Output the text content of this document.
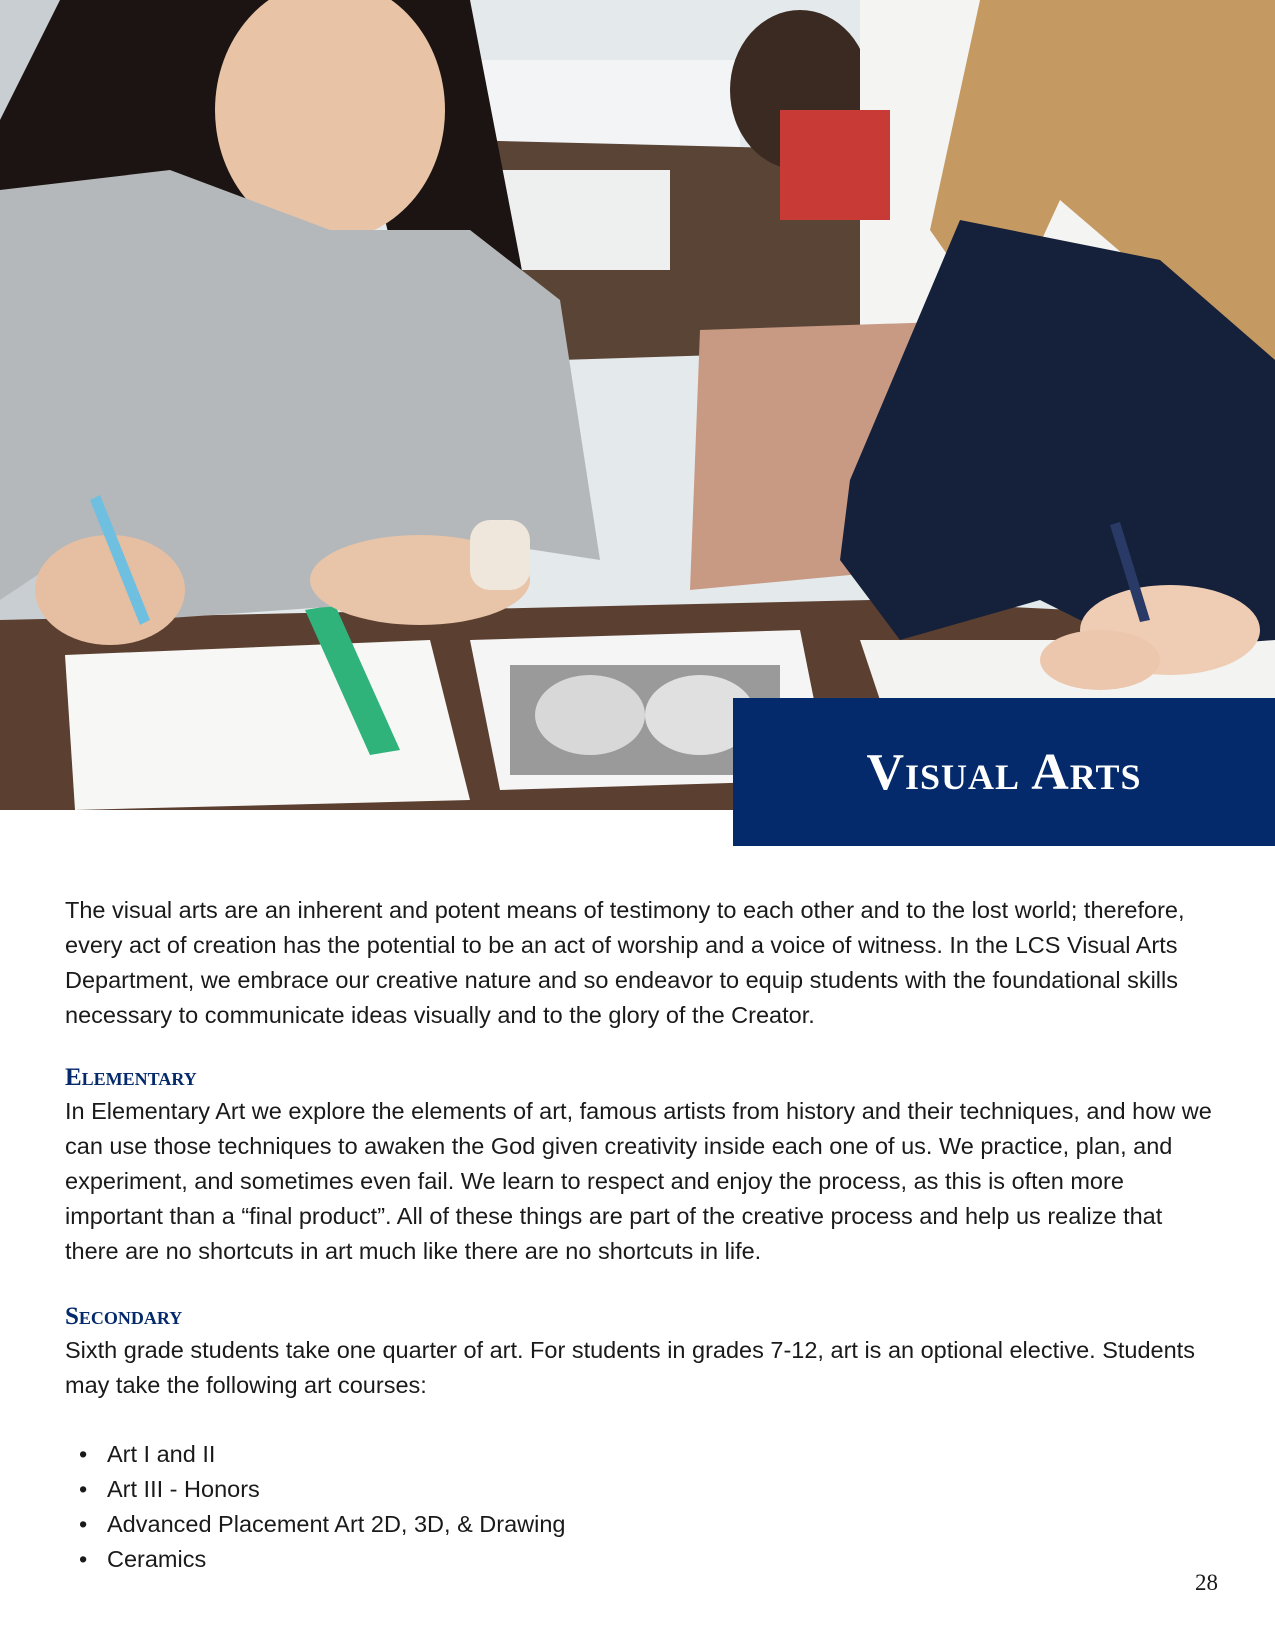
Visual Arts

The visual arts are an inherent and potent means of testimony to each other and to the lost world; therefore, every act of creation has the potential to be an act of worship and a voice of witness. In the LCS Visual Arts Department, we embrace our creative nature and so endeavor to equip students with the foundational skills necessary to communicate ideas visually and to the glory of the Creator.

Elementary

In Elementary Art we explore the elements of art, famous artists from history and their techniques, and how we can use those techniques to awaken the God given creativity inside each one of us. We practice, plan, and experiment, and sometimes even fail. We learn to respect and enjoy the process, as this is often more important than a “final product”. All of these things are part of the creative process and help us realize that there are no shortcuts in art much like there are no shortcuts in life.

Secondary

Sixth grade students take one quarter of art. For students in grades 7-12, art is an optional elective. Students may take the following art courses:

• Art I and II
• Art III - Honors
• Advanced Placement Art 2D, 3D, & Drawing
• Ceramics
28
